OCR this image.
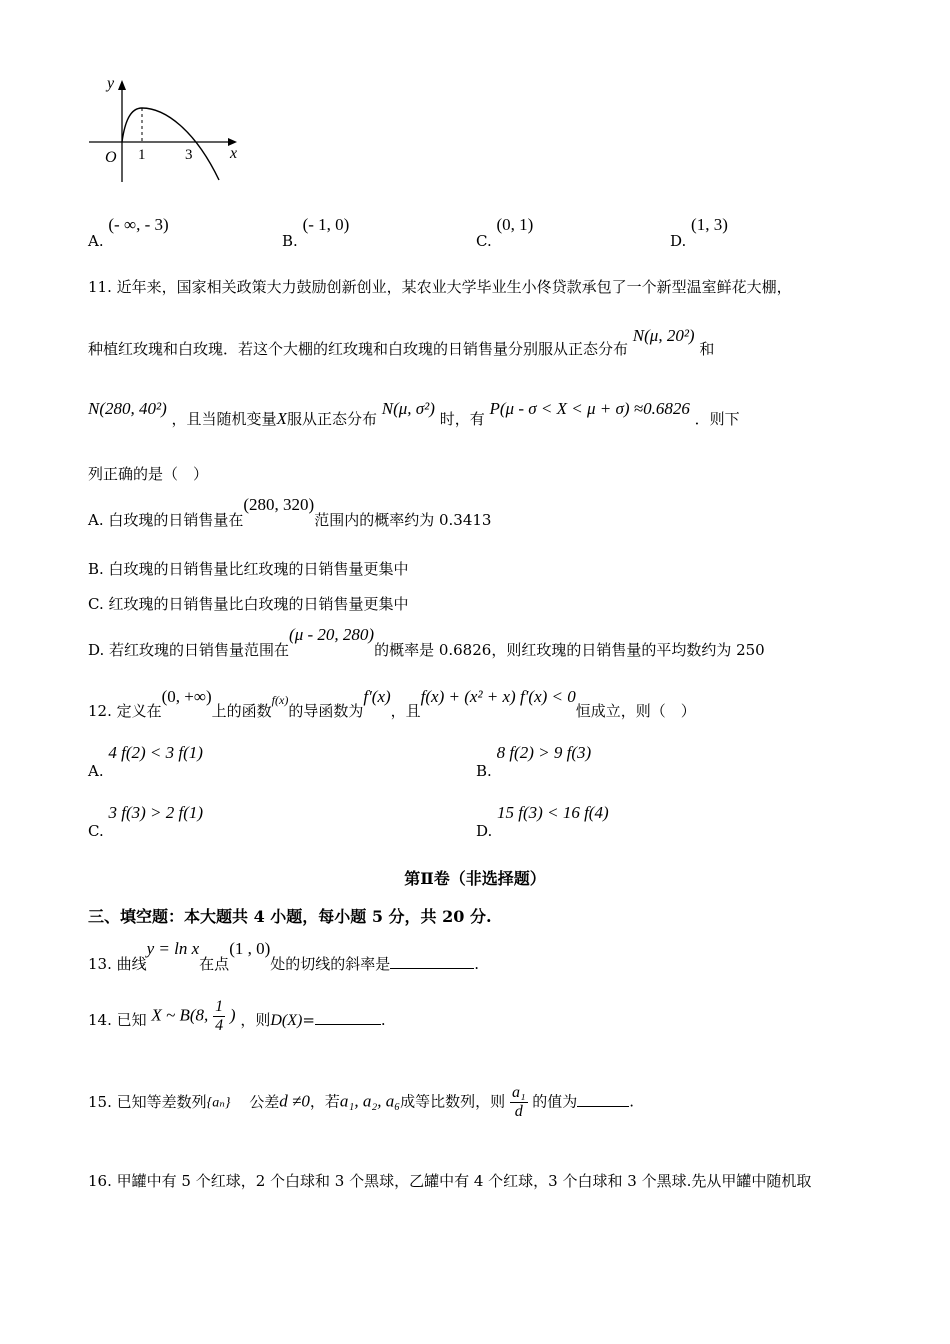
y
x
O 1	3
A. (- ∞, - 3)
B. (- 1, 0)
C. (0, 1)
D. (1, 3)
11. 近年来，国家相关政策大力鼓励创新创业，某农业大学毕业生小佟贷款承包了一个新型温室鲜花大棚，
种植红玫瑰和白玫瑰．若这个大棚的红玫瑰和白玫瑰的日销售量分别服从正态分布 N(μ, 20²) 和
N(280, 40²) ，且当随机变量X服从正态分布 N(μ, σ²) 时，有 P(μ - σ < X < μ + σ) ≈0.6826 ．则下
列正确的是（　）
A. 白玫瑰的日销售量在(280, 320)范围内的概率约为 0.3413
B. 白玫瑰的日销售量比红玫瑰的日销售量更集中
C. 红玫瑰的日销售量比白玫瑰的日销售量更集中
D. 若红玫瑰的日销售量范围在(μ - 20, 280)的概率是 0.6826，则红玫瑰的日销售量的平均数约为 250
12. 定义在(0, +∞)上的函数f(x)的导函数为f′(x)，且f(x) + (x² + x) f′(x) < 0恒成立，则（　）
A. 4 f(2) < 3 f(1)
B. 8 f(2) > 9 f(3)
C. 3 f(3) > 2 f(1)
D. 15 f(3) < 16 f(4)
第Ⅱ卷（非选择题）
三、填空题：本大题共 4 小题，每小题 5 分，共 20 分.
13. 曲线y = ln x在点(1 , 0)处的切线的斜率是	.
14. 已知 X ~ B(8, $\frac{1}{4}$ ) ，则D(X)=	.
15. 已知等差数列{aₙ} 公差d ≠0，若a₁, a₂, a₆成等比数列，则 $\frac{\text{a₁}}{d}$ 的值为	.
16. 甲罐中有 5 个红球，2 个白球和 3 个黑球，乙罐中有 4 个红球，3 个白球和 3 个黑球.先从甲罐中随机取
